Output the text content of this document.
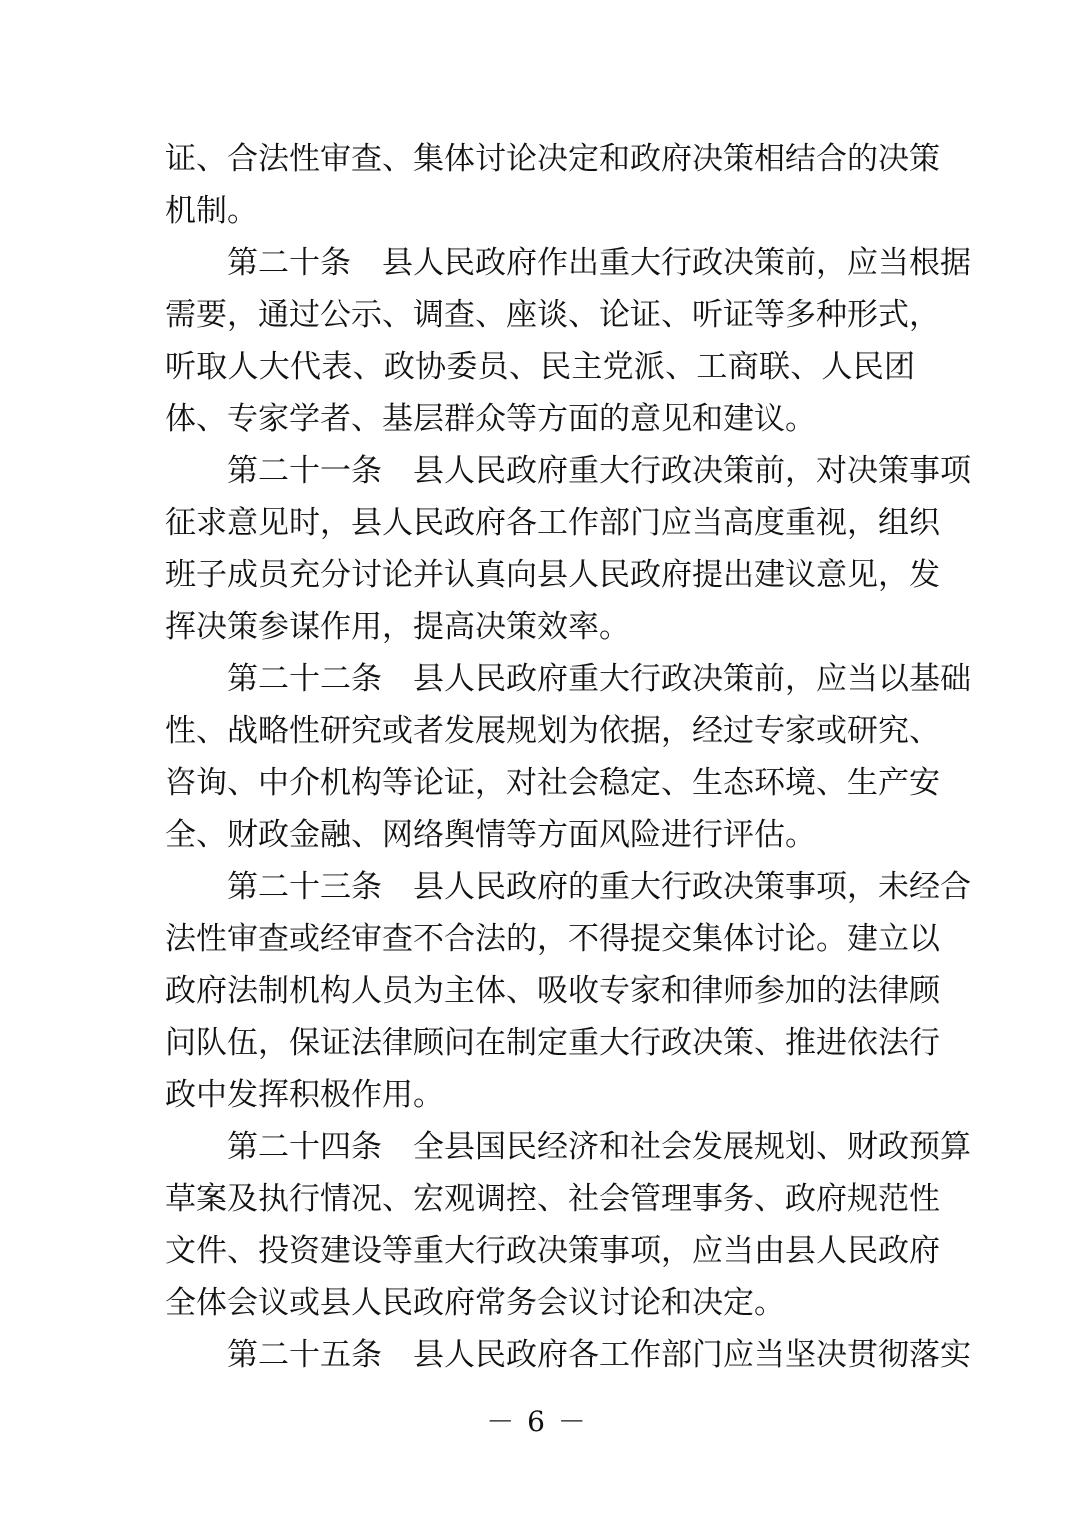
证、合法性审查、集体讨论决定和政府决策相结合的决策
机制。
　　第二十条　县人民政府作出重大行政决策前，应当根据
需要，通过公示、调查、座谈、论证、听证等多种形式，
听取人大代表、政协委员、民主党派、工商联、人民团
体、专家学者、基层群众等方面的意见和建议。
　　第二十一条　县人民政府重大行政决策前，对决策事项
征求意见时，县人民政府各工作部门应当高度重视，组织
班子成员充分讨论并认真向县人民政府提出建议意见，发
挥决策参谋作用，提高决策效率。
　　第二十二条　县人民政府重大行政决策前，应当以基础
性、战略性研究或者发展规划为依据，经过专家或研究、
咨询、中介机构等论证，对社会稳定、生态环境、生产安
全、财政金融、网络舆情等方面风险进行评估。
　　第二十三条　县人民政府的重大行政决策事项，未经合
法性审查或经审查不合法的，不得提交集体讨论。建立以
政府法制机构人员为主体、吸收专家和律师参加的法律顾
问队伍，保证法律顾问在制定重大行政决策、推进依法行
政中发挥积极作用。
　　第二十四条　全县国民经济和社会发展规划、财政预算
草案及执行情况、宏观调控、社会管理事务、政府规范性
文件、投资建设等重大行政决策事项，应当由县人民政府
全体会议或县人民政府常务会议讨论和决定。
　　第二十五条　县人民政府各工作部门应当坚决贯彻落实
－ 6 －
